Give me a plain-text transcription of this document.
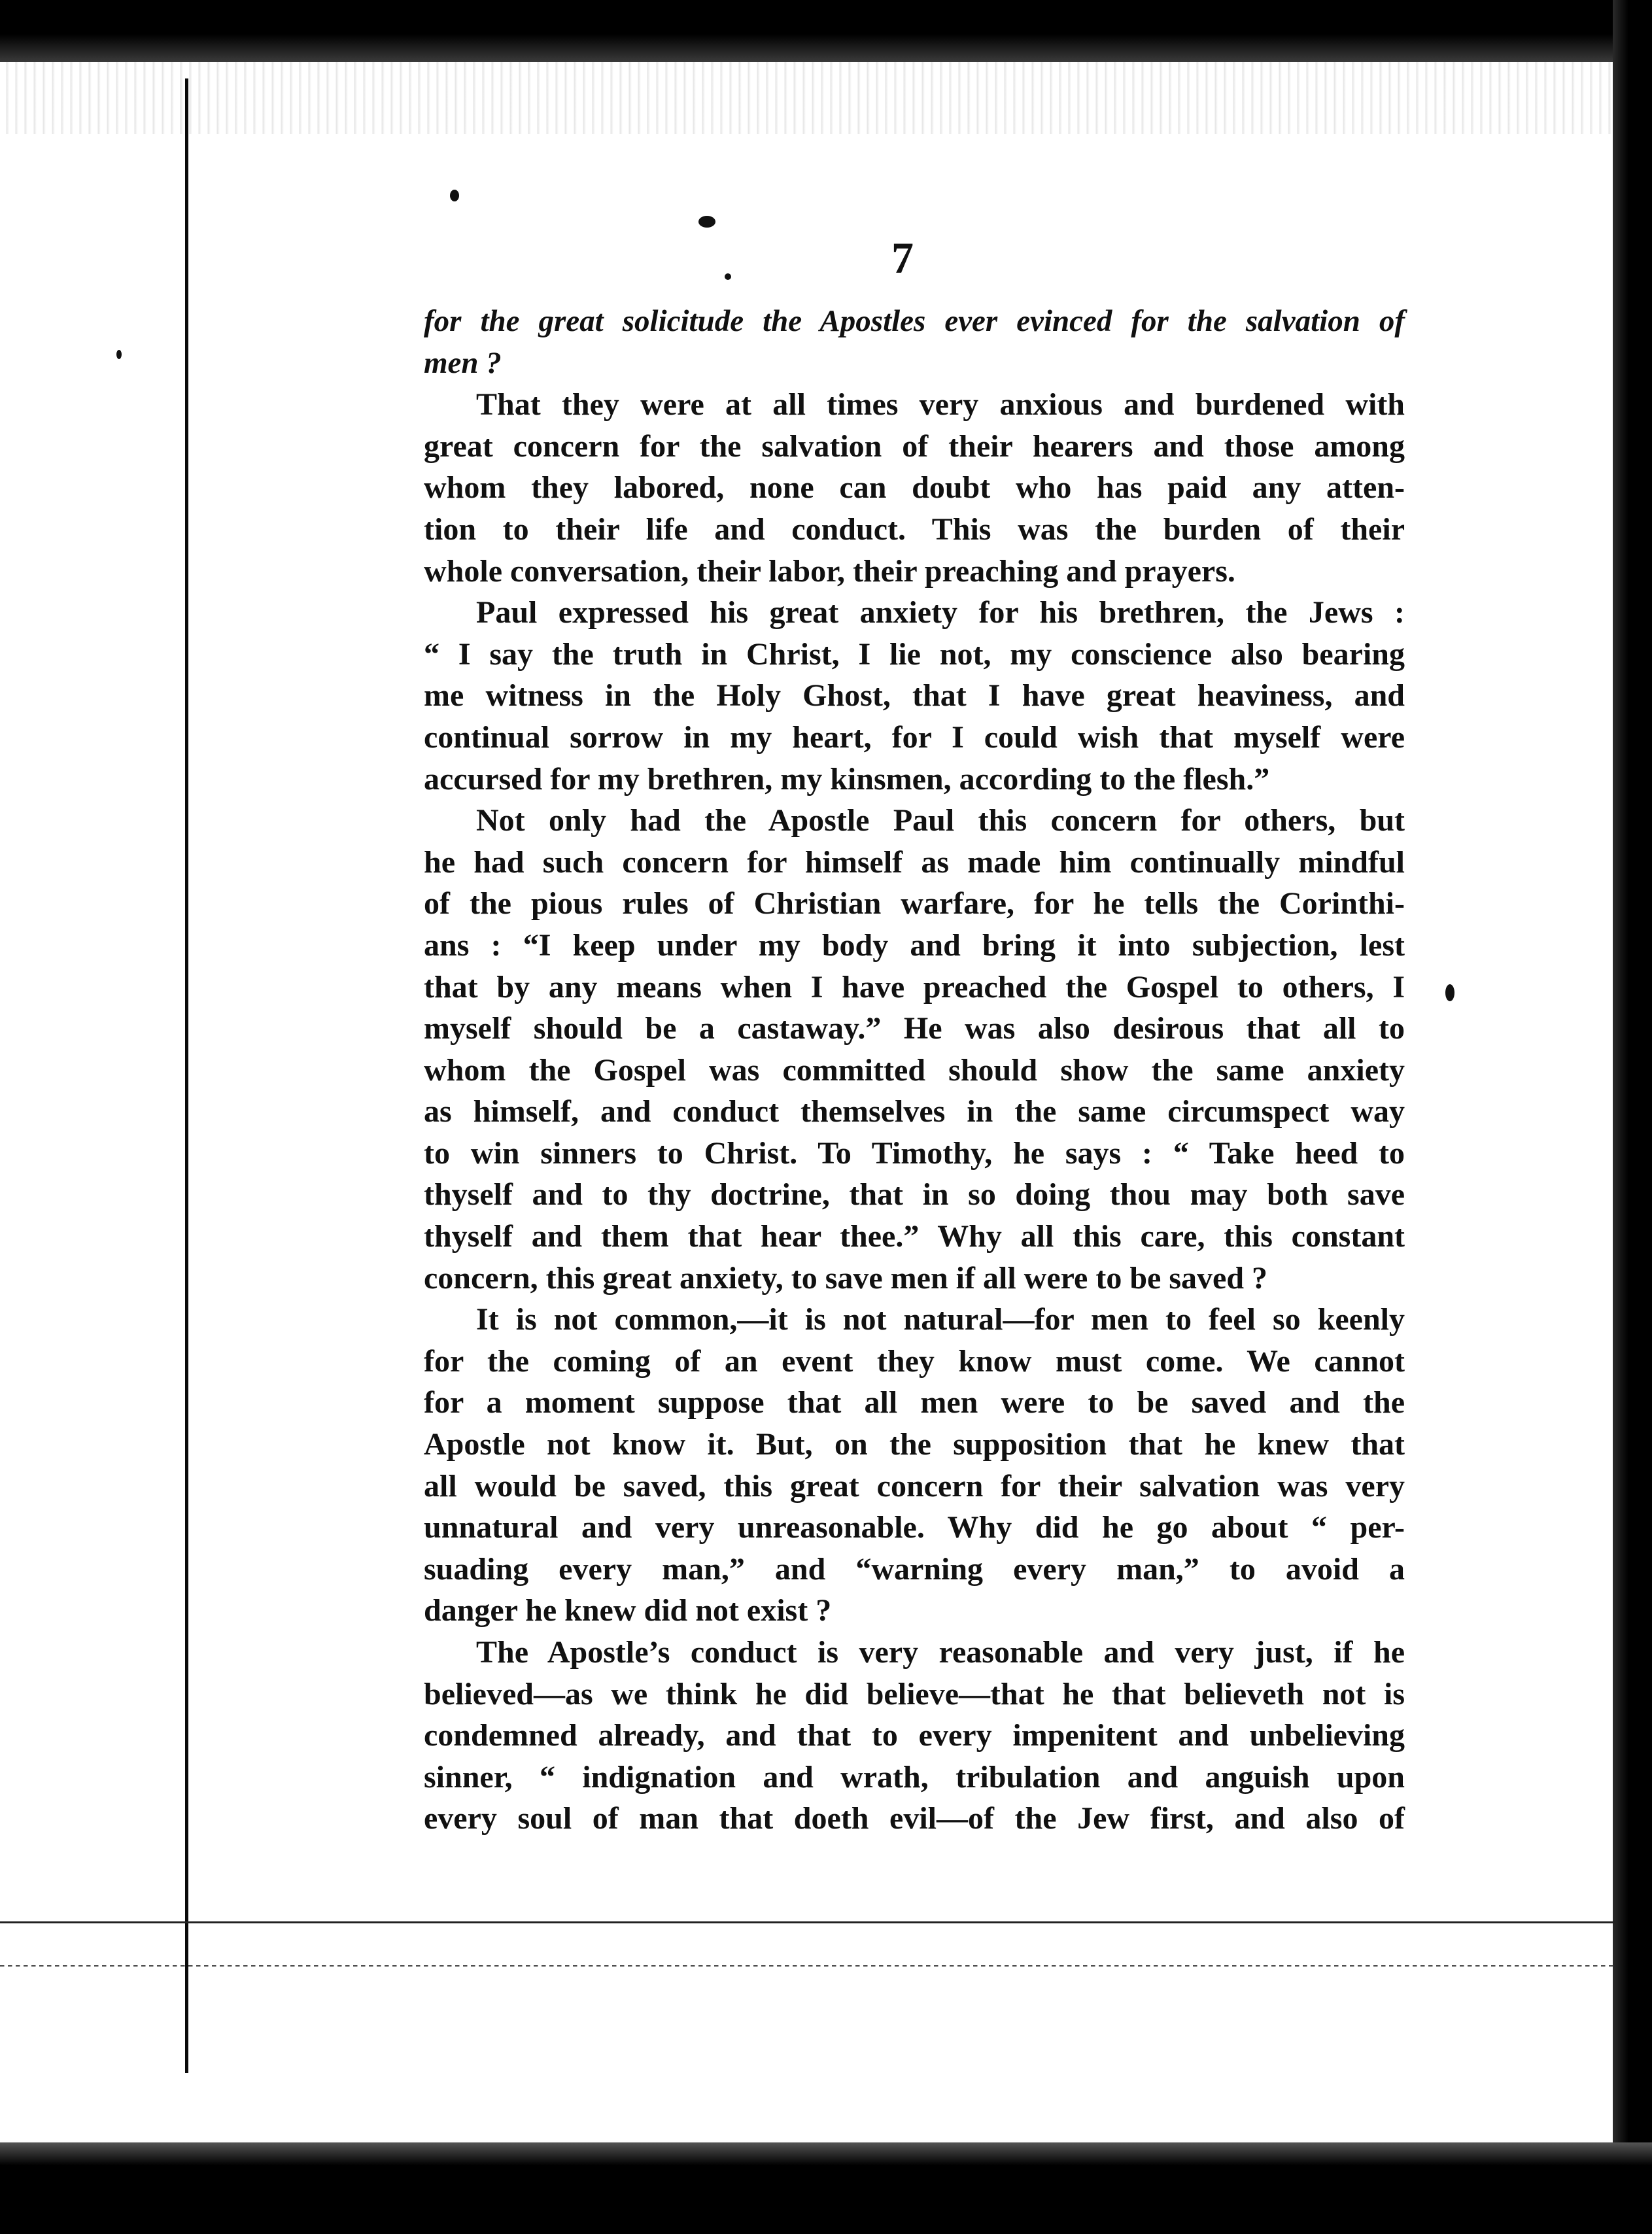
7
for the great solicitude the Apostles ever evinced for the salvation of
men ?
That they were at all times very anxious and burdened with
great concern for the salvation of their hearers and those among
whom they labored, none can doubt who has paid any atten-
tion to their life and conduct. This was the burden of their
whole conversation, their labor, their preaching and prayers.
Paul expressed his great anxiety for his brethren, the Jews :
“ I say the truth in Christ, I lie not, my conscience also bearing
me witness in the Holy Ghost, that I have great heaviness, and
continual sorrow in my heart, for I could wish that myself were
accursed for my brethren, my kinsmen, according to the flesh.”
Not only had the Apostle Paul this concern for others, but
he had such concern for himself as made him continually mindful
of the pious rules of Christian warfare, for he tells the Corinthi-
ans : “I keep under my body and bring it into subjection, lest
that by any means when I have preached the Gospel to others, I
myself should be a castaway.” He was also desirous that all to
whom the Gospel was committed should show the same anxiety
as himself, and conduct themselves in the same circumspect way
to win sinners to Christ. To Timothy, he says : “ Take heed to
thyself and to thy doctrine, that in so doing thou may both save
thyself and them that hear thee.” Why all this care, this constant
concern, this great anxiety, to save men if all were to be saved ?
It is not common,—it is not natural—for men to feel so keenly
for the coming of an event they know must come. We cannot
for a moment suppose that all men were to be saved and the
Apostle not know it. But, on the supposition that he knew that
all would be saved, this great concern for their salvation was very
unnatural and very unreasonable. Why did he go about “ per-
suading every man,” and “warning every man,” to avoid a
danger he knew did not exist ?
The Apostle’s conduct is very reasonable and very just, if he
believed—as we think he did believe—that he that believeth not is
condemned already, and that to every impenitent and unbelieving
sinner, “ indignation and wrath, tribulation and anguish upon
every soul of man that doeth evil—of the Jew first, and also of
